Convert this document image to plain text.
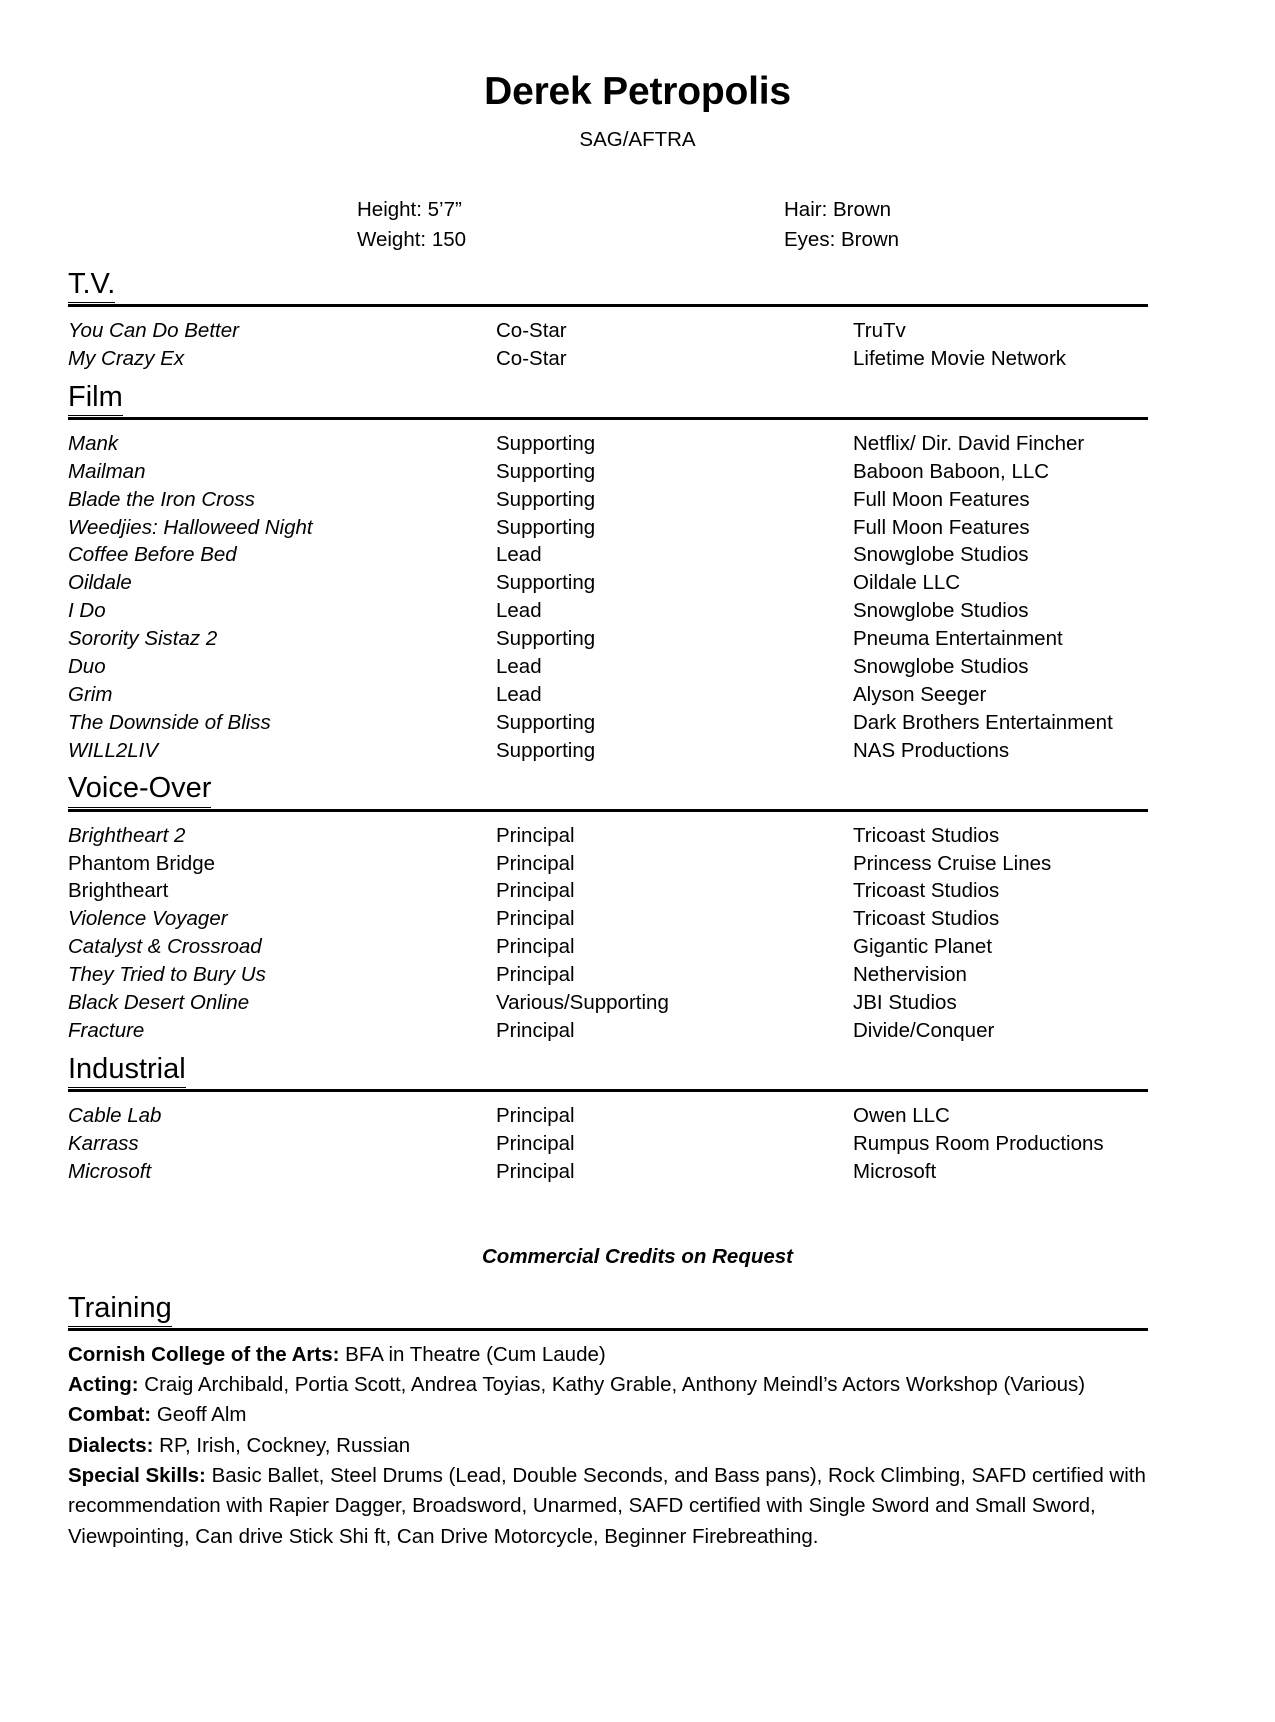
Derek Petropolis
SAG/AFTRA
Height: 5’7”	Hair: Brown
Weight: 150	Eyes: Brown
T.V.
You Can Do Better	Co-Star	TruTv
My Crazy Ex	Co-Star	Lifetime Movie Network
Film
Mank	Supporting	Netflix/ Dir. David Fincher
Mailman	Supporting	Baboon Baboon, LLC
Blade the Iron Cross	Supporting	Full Moon Features
Weedjies: Halloweed Night	Supporting	Full Moon Features
Coffee Before Bed	Lead	Snowglobe Studios
Oildale	Supporting	Oildale LLC
I Do	Lead	Snowglobe Studios
Sorority Sistaz 2	Supporting	Pneuma Entertainment
Duo	Lead	Snowglobe Studios
Grim	Lead	Alyson Seeger
The Downside of Bliss	Supporting	Dark Brothers Entertainment
WILL2LIV	Supporting	NAS Productions
Voice-Over
Brightheart 2	Principal	Tricoast Studios
Phantom Bridge	Principal	Princess Cruise Lines
Brightheart	Principal	Tricoast Studios
Violence Voyager	Principal	Tricoast Studios
Catalyst & Crossroad	Principal	Gigantic Planet
They Tried to Bury Us	Principal	Nethervision
Black Desert Online	Various/Supporting	JBI Studios
Fracture	Principal	Divide/Conquer
Industrial
Cable Lab	Principal	Owen LLC
Karrass	Principal	Rumpus Room Productions
Microsoft	Principal	Microsoft
Commercial Credits on Request
Training
Cornish College of the Arts: BFA in Theatre (Cum Laude)
Acting: Craig Archibald, Portia Scott, Andrea Toyias, Kathy Grable, Anthony Meindl’s Actors Workshop (Various)
Combat: Geoff Alm
Dialects: RP, Irish, Cockney, Russian
Special Skills: Basic Ballet, Steel Drums (Lead, Double Seconds, and Bass pans), Rock Climbing, SAFD certified with recommendation with Rapier Dagger, Broadsword, Unarmed, SAFD certified with Single Sword and Small Sword, Viewpointing, Can drive Stick Shi ft, Can Drive Motorcycle, Beginner Firebreathing.
